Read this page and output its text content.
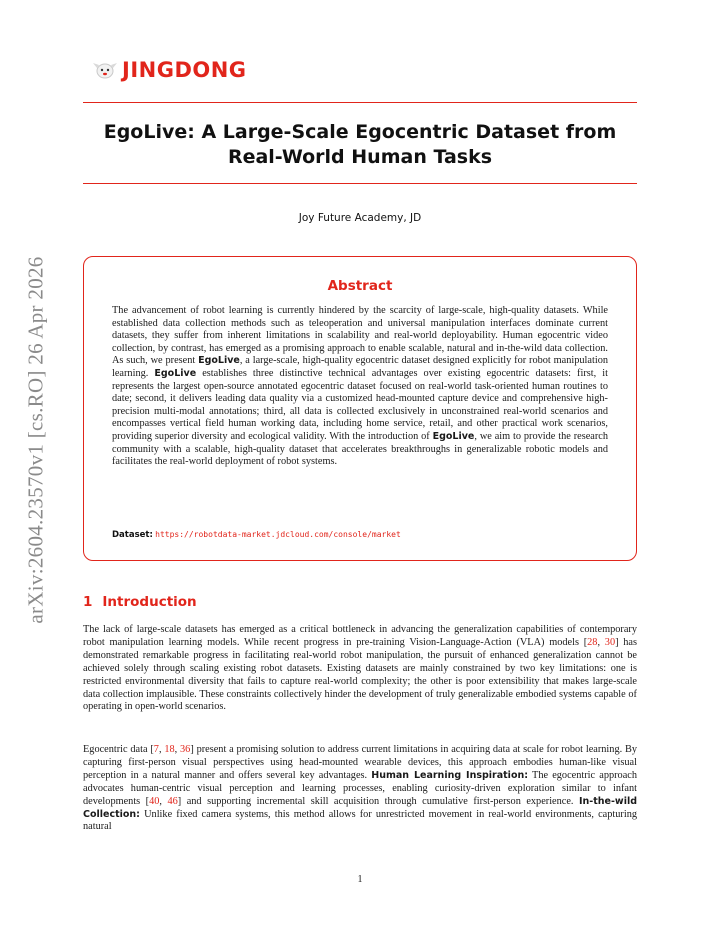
arXiv:2604.23570v1 [cs.RO] 26 Apr 2026
JINGDONG
EgoLive: A Large-Scale Egocentric Dataset from
Real-World Human Tasks
Joy Future Academy, JD
Abstract
The advancement of robot learning is currently hindered by the scarcity of large-scale, high-quality datasets. While established data collection methods such as teleoperation and universal manipulation interfaces dominate current datasets, they suffer from inherent limitations in scalability and real-world deployability. Human egocentric video collection, by contrast, has emerged as a promising approach to enable scalable, natural and in-the-wild data collection. As such, we present EgoLive, a large-scale, high-quality egocentric dataset designed explicitly for robot manipulation learning. EgoLive establishes three distinctive technical advantages over existing egocentric datasets: first, it represents the largest open-source annotated egocentric dataset focused on real-world task-oriented human routines to date; second, it delivers leading data quality via a customized head-mounted capture device and comprehensive high-precision multi-modal annotations; third, all data is collected exclusively in unconstrained real-world scenarios and encompasses vertical field human working data, including home service, retail, and other practical work scenarios, providing superior diversity and ecological validity. With the introduction of EgoLive, we aim to provide the research community with a scalable, high-quality dataset that accelerates breakthroughs in generalizable robotic models and facilitates the real-world deployment of robot systems.
Dataset: https://robotdata-market.jdcloud.com/console/market
1 Introduction

The lack of large-scale datasets has emerged as a critical bottleneck in advancing the generalization capabilities of contemporary robot manipulation learning models. While recent progress in pre-training Vision-Language-Action (VLA) models [28, 30] has demonstrated remarkable progress in facilitating real-world robot manipulation, the pursuit of enhanced generalization cannot be achieved solely through scaling existing robot datasets. Existing datasets are mainly constrained by two key limitations: one is restricted environmental diversity that fails to capture real-world complexity; the other is poor extensibility that makes large-scale data collection implausible. These constraints collectively hinder the development of truly generalizable embodied systems capable of operating in open-world scenarios.

Egocentric data [7, 18, 36] present a promising solution to address current limitations in acquiring data at scale for robot learning. By capturing first-person visual perspectives using head-mounted wearable devices, this approach embodies human-like visual perception in a natural manner and offers several key advantages. Human Learning Inspiration: The egocentric approach advocates human-centric visual perception and learning processes, enabling curiosity-driven exploration similar to infant developments [40, 46] and supporting incremental skill acquisition through cumulative first-person experience. In-the-wild Collection: Unlike fixed camera systems, this method allows for unrestricted movement in real-world environments, capturing natural

1
